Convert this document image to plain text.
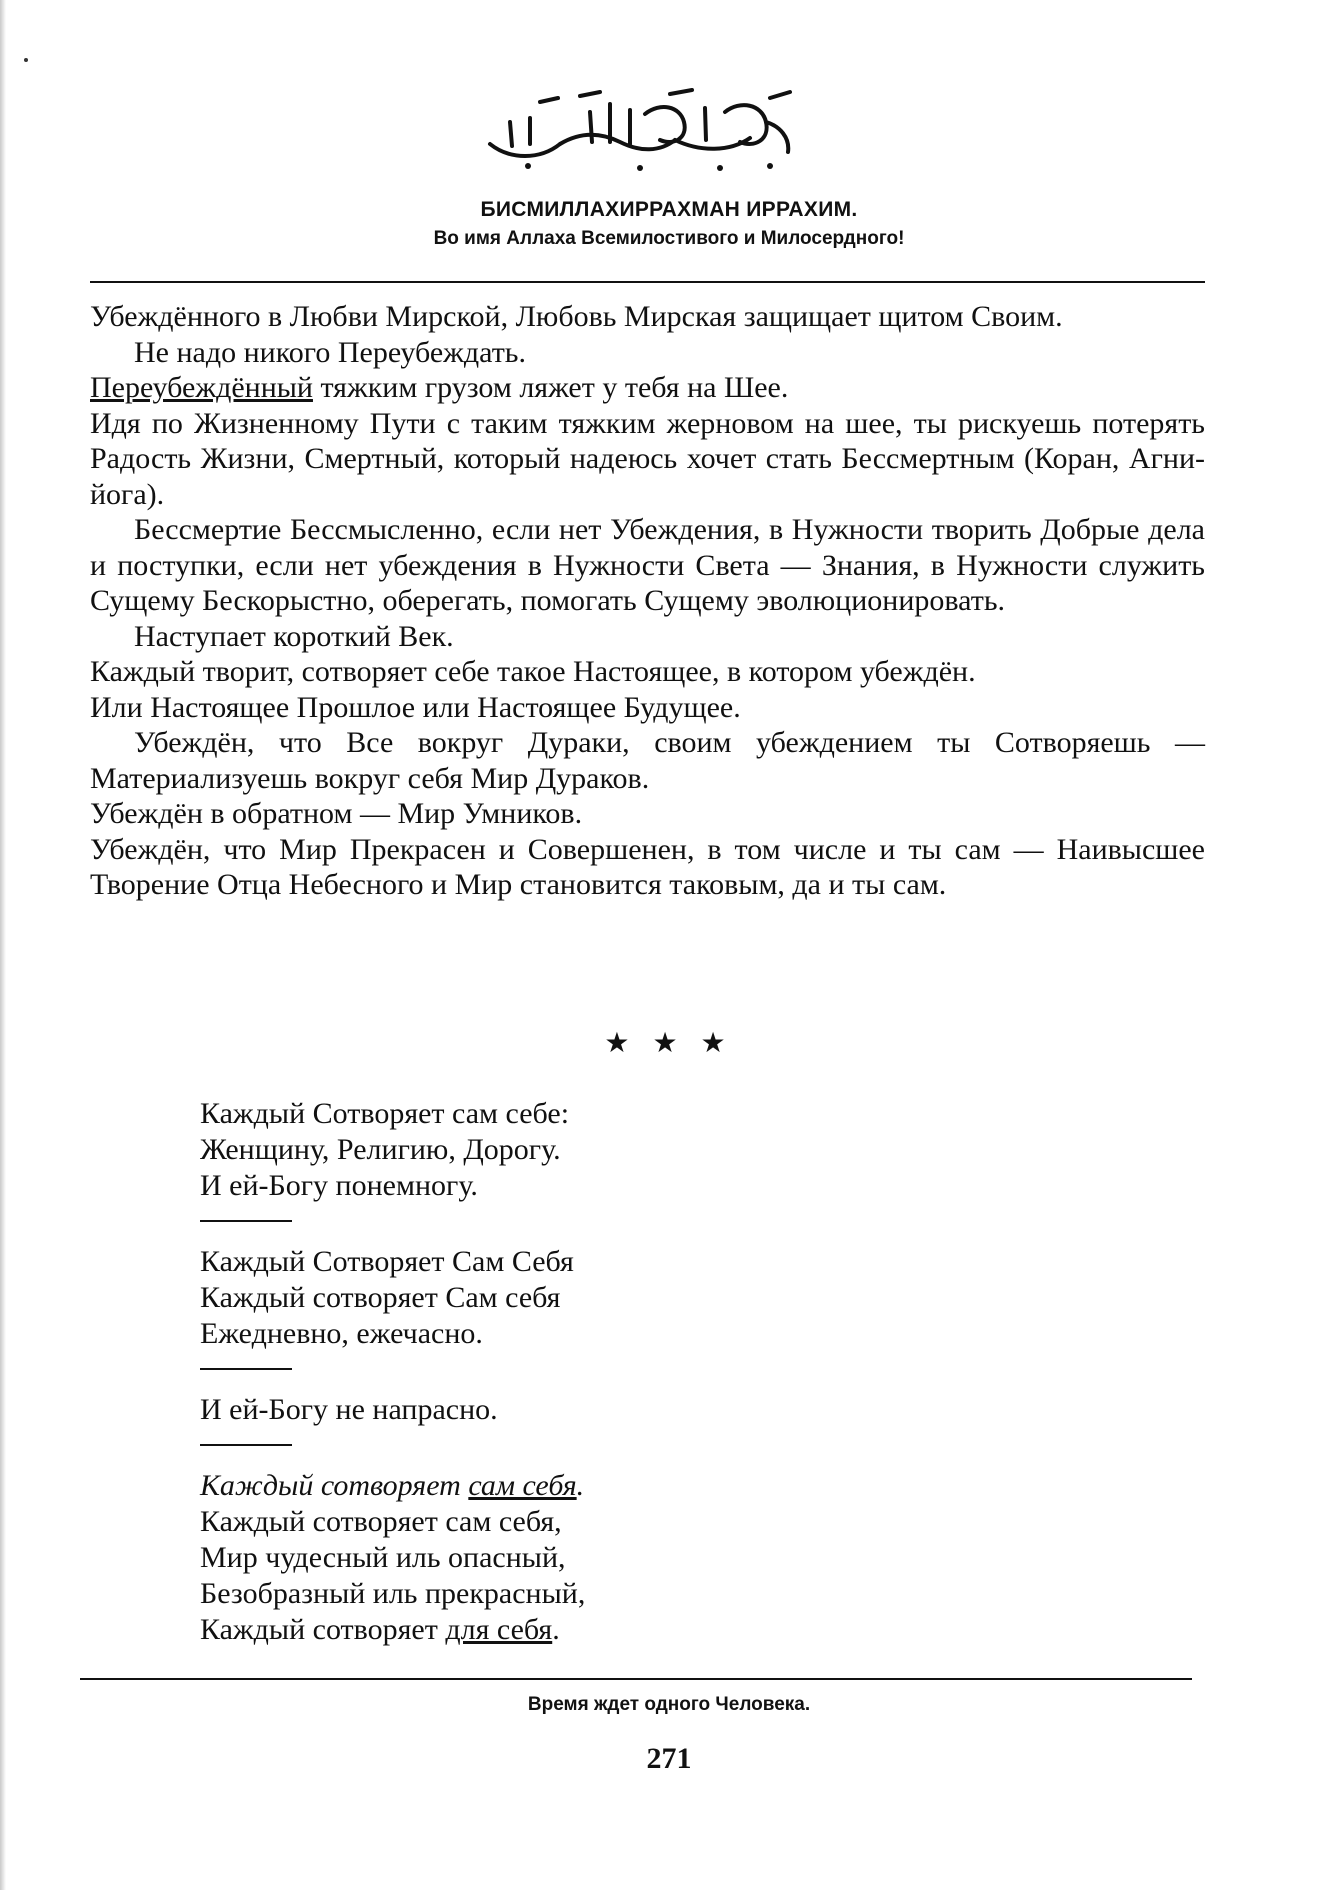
БИСМИЛЛАХИРРАХМАН ИРРАХИМ.
Во имя Аллаха Всемилостивого и Милосердного!

Убеждённого в Любви Мирской, Любовь Мирская защищает щитом Своим.

Не надо никого Переубеждать.

Переубеждённый тяжким грузом ляжет у тебя на Шее.

Идя по Жизненному Пути с таким тяжким жерновом на шее, ты рискуешь потерять Радость Жизни, Смертный, который надеюсь хочет стать Бессмертным (Коран, Агни-йога).

Бессмертие Бессмысленно, если нет Убеждения, в Нужности творить Добрые дела и поступки, если нет убеждения в Нужности Света — Знания, в Нужности служить Сущему Бескорыстно, оберегать, помогать Сущему эволюционировать.

Наступает короткий Век.

Каждый творит, сотворяет себе такое Настоящее, в котором убеждён.

Или Настоящее Прошлое или Настоящее Будущее.

Убеждён, что Все вокруг Дураки, своим убеждением ты Сотворяешь — Материализуешь вокруг себя Мир Дураков.

Убеждён в обратном — Мир Умников.

Убеждён, что Мир Прекрасен и Совершенен, в том числе и ты сам — Наивысшее Творение Отца Небесного и Мир становится таковым, да и ты сам.

★ ★ ★
Каждый Сотворяет сам себе:
Женщину, Религию, Дорогу.
И ей-Богу понемногу.
Каждый Сотворяет Сам Себя
Каждый сотворяет Сам себя
Ежедневно, ежечасно.
И ей-Богу не напрасно.
Каждый сотворяет сам себя.
Каждый сотворяет сам себя,
Мир чудесный иль опасный,
Безобразный иль прекрасный,
Каждый сотворяет для себя.
Время ждет одного Человека.
271
